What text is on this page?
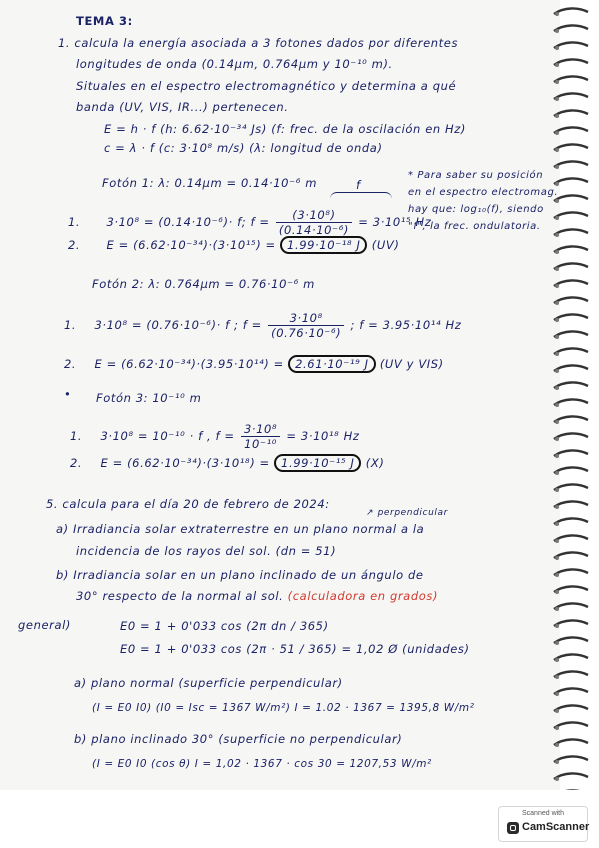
TEMA 3:
1. calcula la energía asociada a 3 fotones dados por diferentes
longitudes de onda (0.14μm, 0.764μm y 10⁻¹⁰ m).
Situales en el espectro electromagnético y determina a qué
banda (UV, VIS, IR...) pertenecen.
E = h · f (h: 6.62·10⁻³⁴ Js) (f: frec. de la oscilación en Hz)
c = λ · f (c: 3·10⁸ m/s) (λ: longitud de onda)
* Para saber su posición
en el espectro electromag.
hay que: log₁₀(f), siendo
"f", la frec. ondulatoria.
f
Fotón 1: λ: 0.14μm = 0.14·10⁻⁶ m
1. 3·10⁸ = (0.14·10⁻⁶)· f; $f = \frac{\text{(3·10⁸)}}{\text{(0.14·10⁻⁶)}} = 3\cdot 10^{15}$ Hz
2. E = (6.62·10⁻³⁴)·(3·10¹⁵) = 1.99·10⁻¹⁸ J (UV)
Fotón 2: λ: 0.764μm = 0.76·10⁻⁶ m
1. 3·10⁸ = (0.76·10⁻⁶)· f ; $f = \frac{\text{3·10⁸}}{\text{(0.76·10⁻⁶)}}$ ; f = 3.95·10¹⁴ Hz
2. E = (6.62·10⁻³⁴)·(3.95·10¹⁴) = 2.61·10⁻¹⁹ J (UV y VIS)
• Fotón 3: 10⁻¹⁰ m
1. 3·10⁸ = 10⁻¹⁰ · f , $f = \frac{\text{3·10⁸}}{\text{10⁻¹⁰}} = 3\cdot 10^{18}$ Hz
2. E = (6.62·10⁻³⁴)·(3·10¹⁸) = 1.99·10⁻¹⁵ J (X)
5. calcula para el día 20 de febrero de 2024:
↗ perpendicular
a) Irradiancia solar extraterrestre en un plano normal a la
incidencia de los rayos del sol. (dn = 51)
b) Irradiancia solar en un plano inclinado de un ángulo de
30° respecto de la normal al sol. (calculadora en grados)
general)	E0 = 1 + 0'033 cos (2π dn / 365)
E0 = 1 + 0'033 cos (2π · 51 / 365) = 1,02 Ø (unidades)
a) plano normal (superficie perpendicular)
(I = E0 I0) (I0 = Isc = 1367 W/m²) I = 1.02 · 1367 = 1395,8 W/m²
b) plano inclinado 30° (superficie no perpendicular)
(I = E0 I0 (cos θ) I = 1,02 · 1367 · cos 30 = 1207,53 W/m²
Scanned with
CamScanner
